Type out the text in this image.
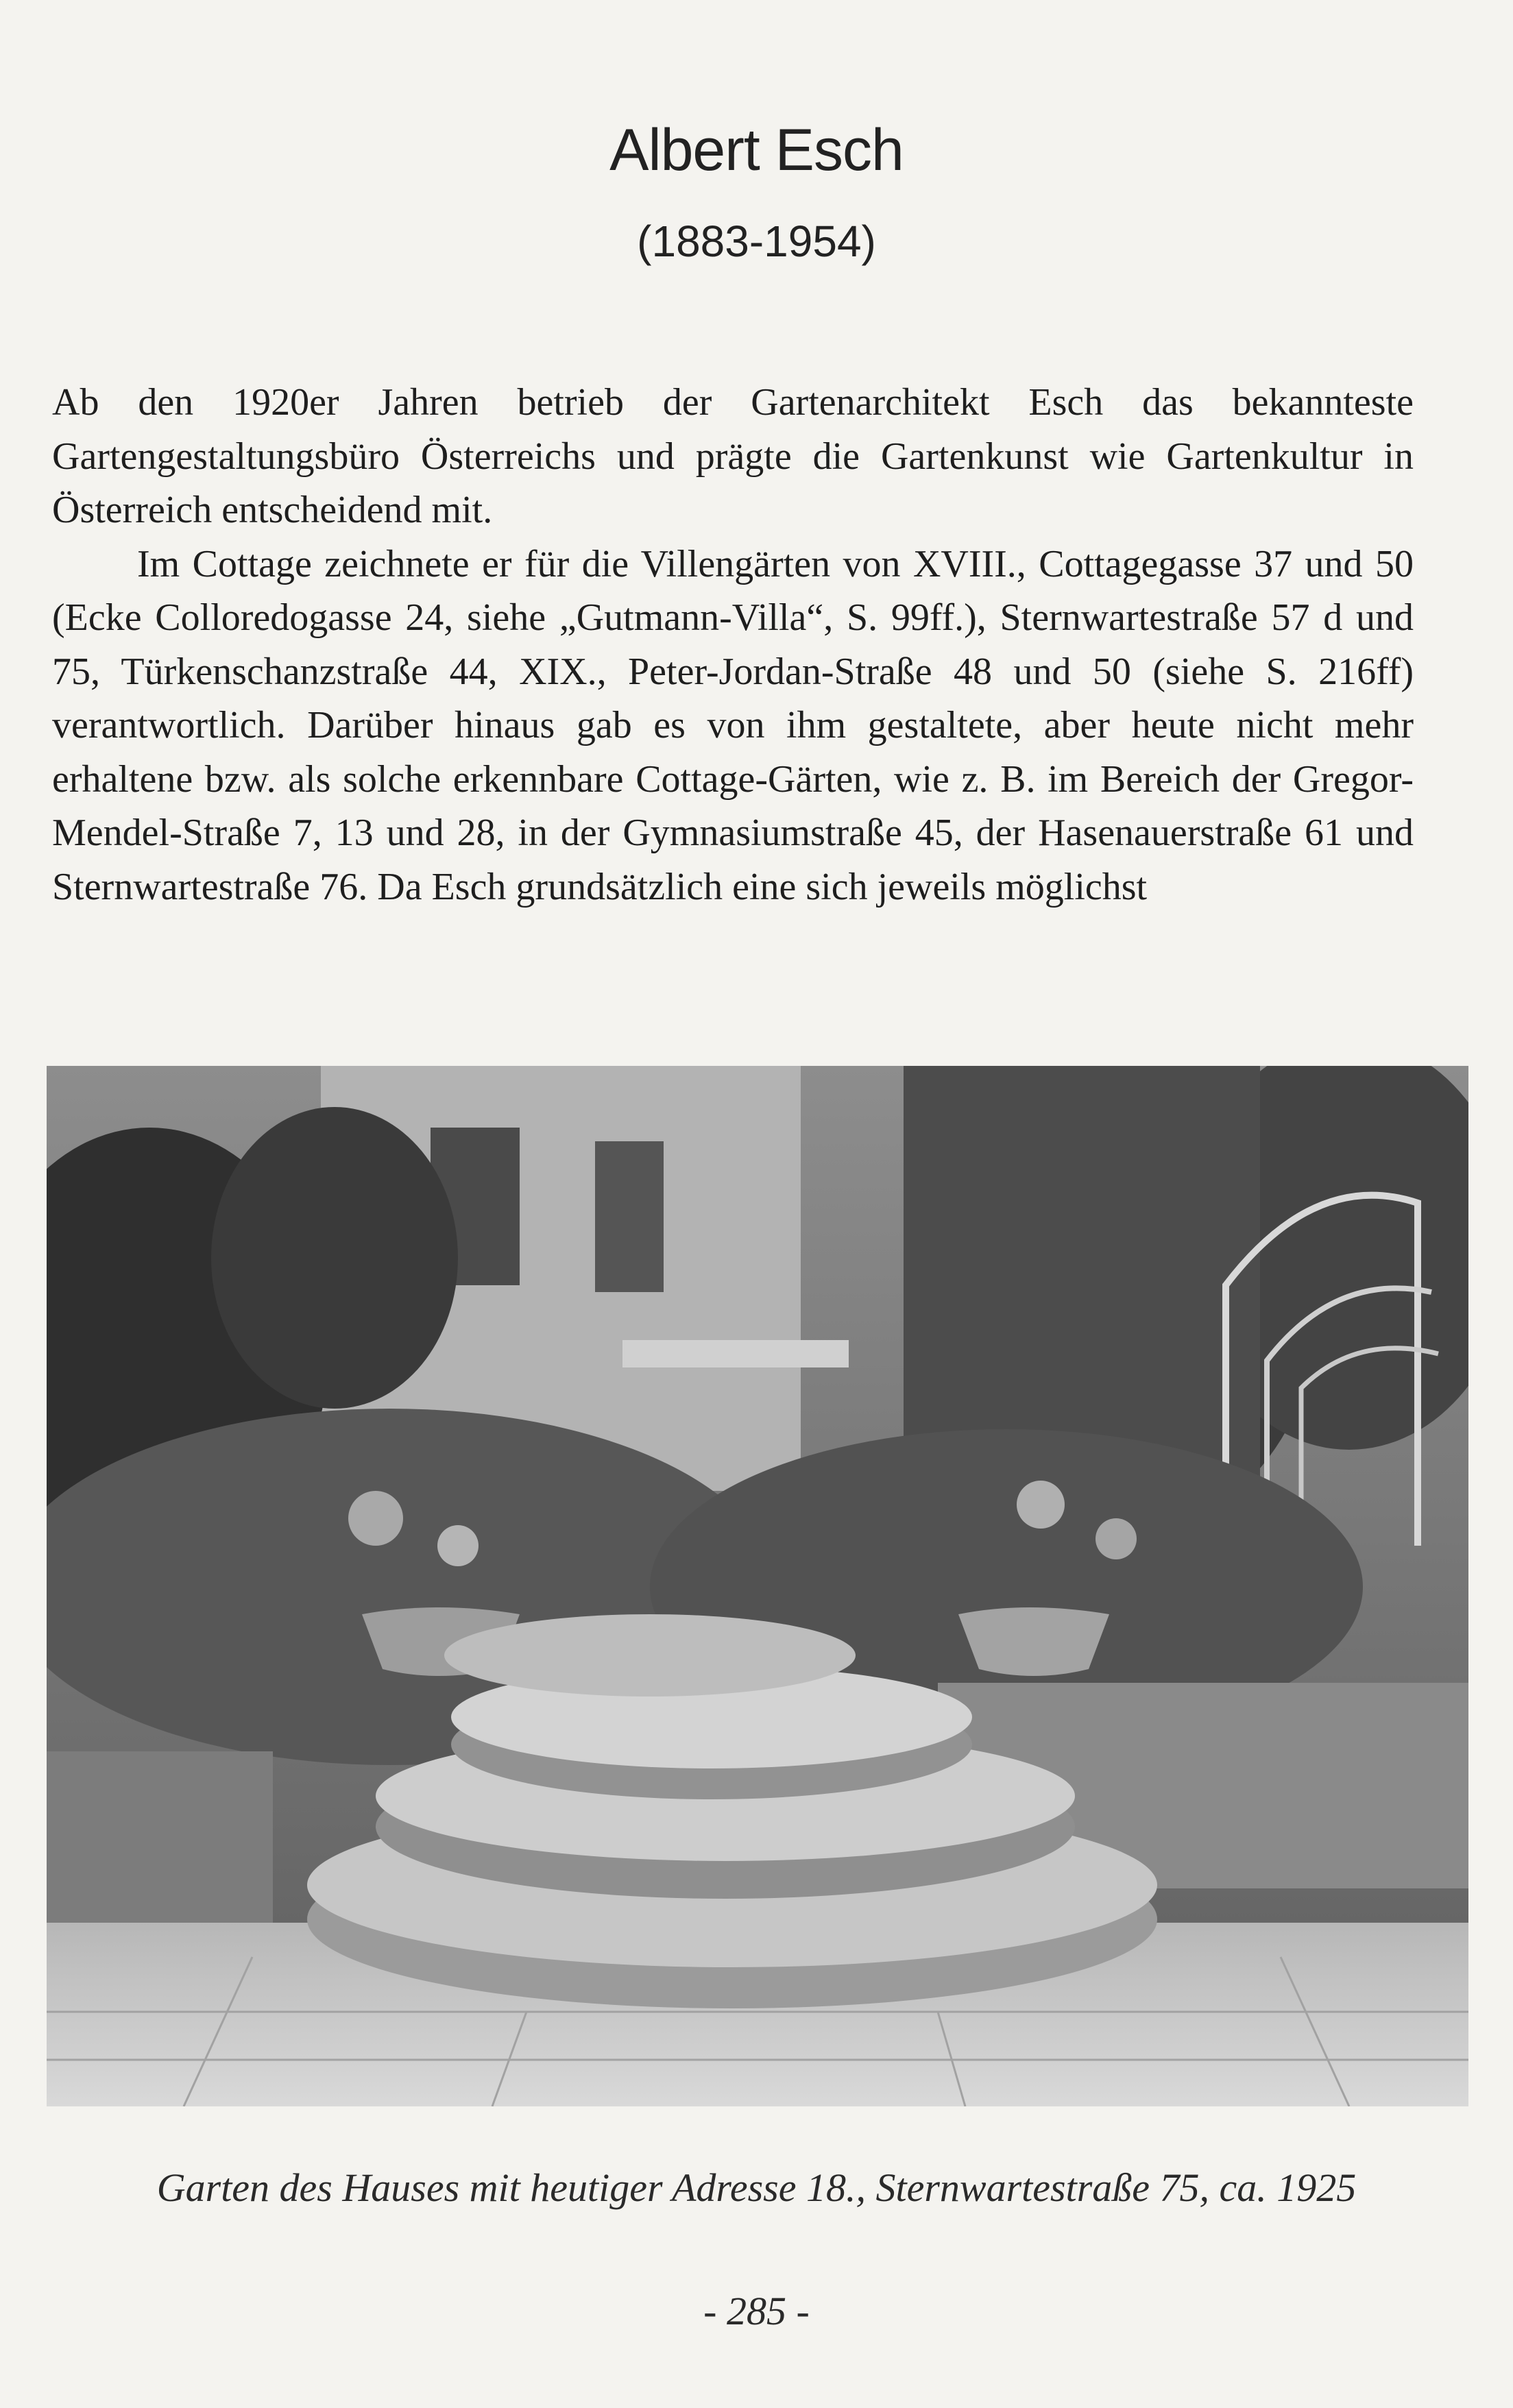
Albert Esch
(1883-1954)

Ab den 1920er Jahren betrieb der Gartenarchitekt Esch das bekannteste Gartengestaltungsbüro Österreichs und prägte die Gartenkunst wie Gartenkultur in Österreich entscheidend mit.

Im Cottage zeichnete er für die Villengärten von XVIII., Cottagegasse 37 und 50 (Ecke Colloredogasse 24, siehe „Gutmann-Villa“, S. 99ff.), Sternwartestraße 57 d und 75, Türkenschanzstraße 44, XIX., Peter-Jordan-Straße 48 und 50 (siehe S. 216ff) verantwortlich. Darüber hinaus gab es von ihm gestaltete, aber heute nicht mehr erhaltene bzw. als solche erkennbare Cottage-Gärten, wie z. B. im Bereich der Gregor-Mendel-Straße 7, 13 und 28, in der Gymnasiumstraße 45, der Hasenauerstraße 61 und Sternwartestraße 76. Da Esch grundsätzlich eine sich jeweils möglichst

Garten des Hauses mit heutiger Adresse 18., Sternwartestraße 75, ca. 1925
- 285 -
